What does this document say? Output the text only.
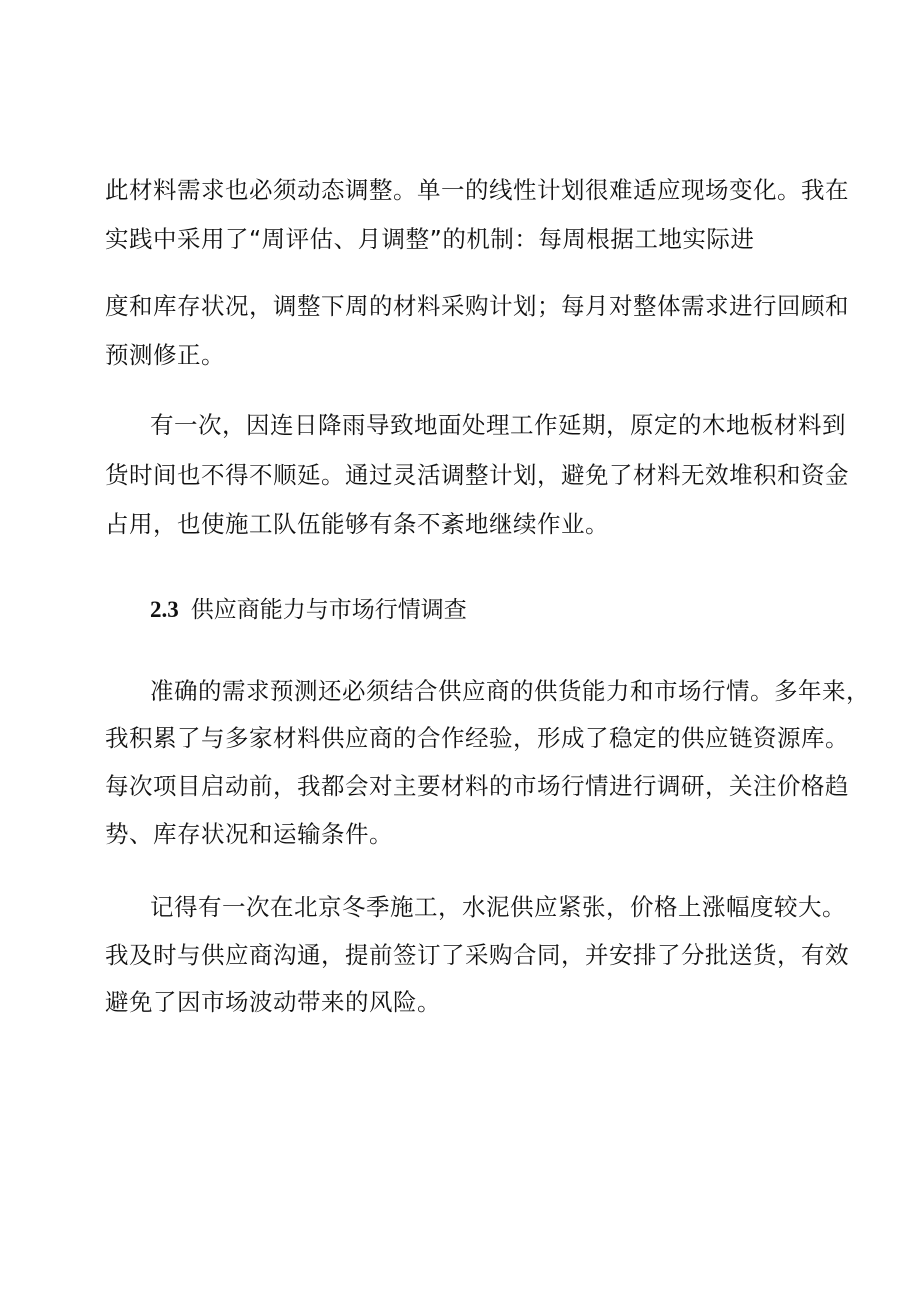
此材料需求也必须动态调整。单一的线性计划很难适应现场变化。我在
实践中采用了“周评估、月调整”的机制：每周根据工地实际进
度和库存状况，调整下周的材料采购计划；每月对整体需求进行回顾和
预测修正。
有一次，因连日降雨导致地面处理工作延期，原定的木地板材料到
货时间也不得不顺延。通过灵活调整计划，避免了材料无效堆积和资金
占用，也使施工队伍能够有条不紊地继续作业。
2.3 供应商能力与市场行情调查
准确的需求预测还必须结合供应商的供货能力和市场行情。多年来，
我积累了与多家材料供应商的合作经验，形成了稳定的供应链资源库。
每次项目启动前，我都会对主要材料的市场行情进行调研，关注价格趋
势、库存状况和运输条件。
记得有一次在北京冬季施工，水泥供应紧张，价格上涨幅度较大。
我及时与供应商沟通，提前签订了采购合同，并安排了分批送货，有效
避免了因市场波动带来的风险。
